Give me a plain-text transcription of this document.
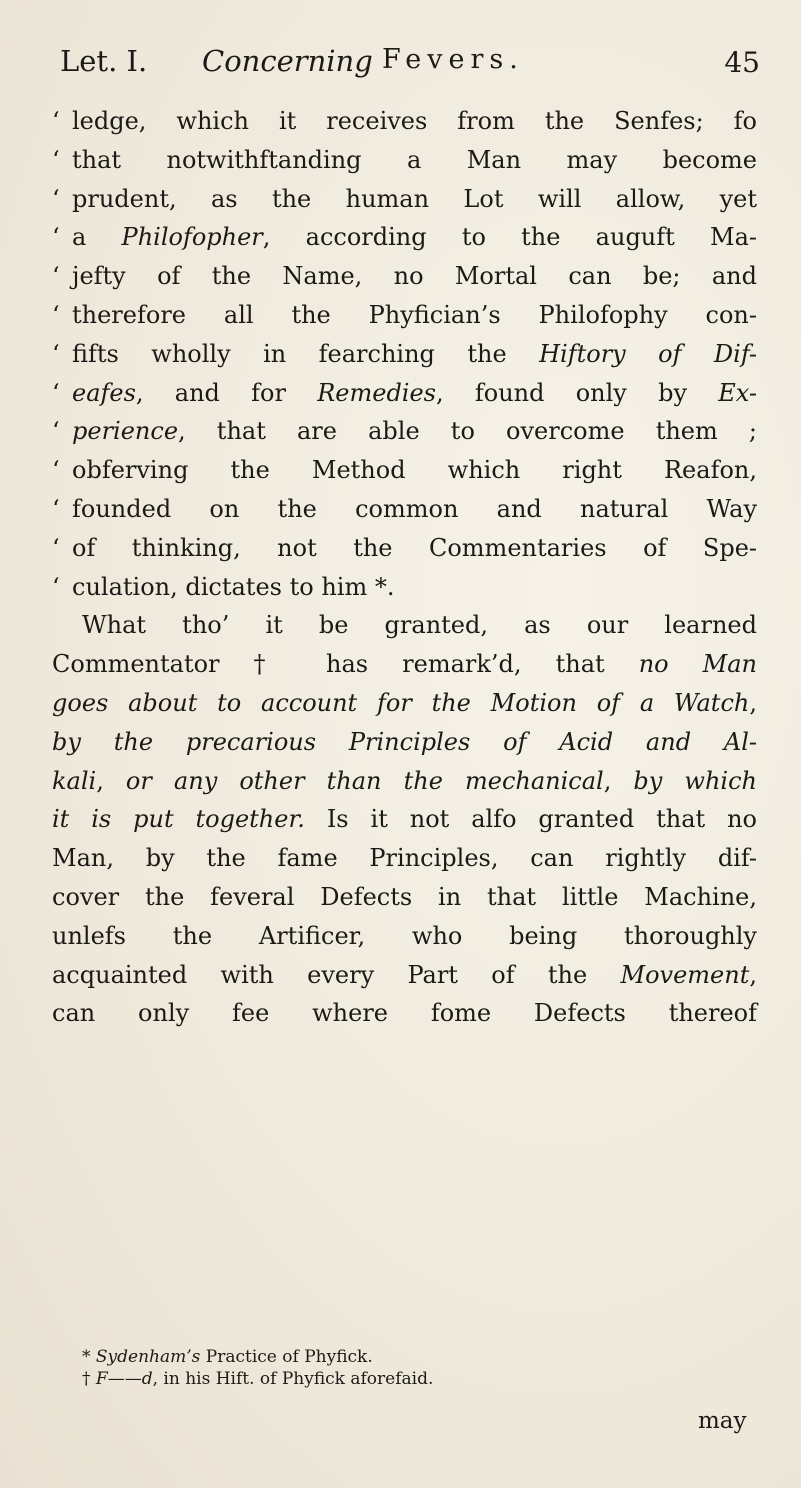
Let. I. Concerning Fevers.	45
‘ ledge, which it receives from the Senfes; fo
‘ that notwithftanding a Man may become
‘ prudent, as the human Lot will allow, yet
‘ a Philofopher, according to the auguft Ma-
‘ jefty of the Name, no Mortal can be; and
‘ therefore all the Phyfician’s Philofophy con-
‘ fifts wholly in fearching the Hiftory of Dif-
‘ eafes, and for Remedies, found only by Ex-
‘ perience, that are able to overcome them ;
‘ obferving the Method which right Reafon,
‘ founded on the common and natural Way
‘ of thinking, not the Commentaries of Spe-
‘ culation, dictates to him *.
What tho’ it be granted, as our learned
Commentator † has remark’d, that no Man
goes about to account for the Motion of a Watch,
by the precarious Principles of Acid and Al-
kali, or any other than the mechanical, by which
it is put together. Is it not alfo granted that no
Man, by the fame Principles, can rightly dif-
cover the feveral Defects in that little Machine,
unlefs the Artificer, who being thoroughly
acquainted with every Part of the Movement,
can only fee where fome Defects thereof
* Sydenham’s Practice of Phyfick.
† F——d, in his Hift. of Phyfick aforefaid.
may
